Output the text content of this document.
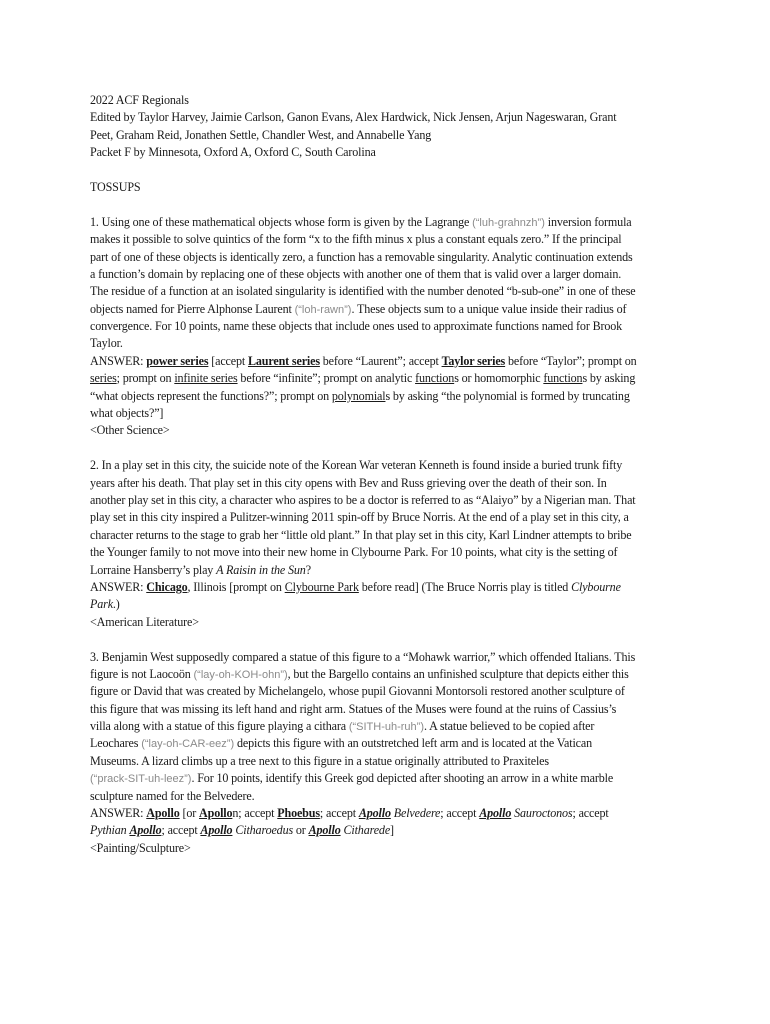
2022 ACF Regionals
Edited by Taylor Harvey, Jaimie Carlson, Ganon Evans, Alex Hardwick, Nick Jensen, Arjun Nageswaran, Grant
Peet, Graham Reid, Jonathen Settle, Chandler West, and Annabelle Yang
Packet F by Minnesota, Oxford A, Oxford C, South Carolina
TOSSUPS
1. Using one of these mathematical objects whose form is given by the Lagrange (“luh-grahnzh”) inversion formula
makes it possible to solve quintics of the form “x to the fifth minus x plus a constant equals zero.” If the principal
part of one of these objects is identically zero, a function has a removable singularity. Analytic continuation extends
a function’s domain by replacing one of these objects with another one of them that is valid over a larger domain.
The residue of a function at an isolated singularity is identified with the number denoted “b-sub-one” in one of these
objects named for Pierre Alphonse Laurent (“loh-rawn”). These objects sum to a unique value inside their radius of
convergence. For 10 points, name these objects that include ones used to approximate functions named for Brook
Taylor.
ANSWER: power series [accept Laurent series before “Laurent”; accept Taylor series before “Taylor”; prompt on
series; prompt on infinite series before “infinite”; prompt on analytic functions or homomorphic functions by asking
“what objects represent the functions?”; prompt on polynomials by asking “the polynomial is formed by truncating
what objects?”]
<Other Science>
2. In a play set in this city, the suicide note of the Korean War veteran Kenneth is found inside a buried trunk fifty
years after his death. That play set in this city opens with Bev and Russ grieving over the death of their son. In
another play set in this city, a character who aspires to be a doctor is referred to as “Alaiyo” by a Nigerian man. That
play set in this city inspired a Pulitzer-winning 2011 spin-off by Bruce Norris. At the end of a play set in this city, a
character returns to the stage to grab her “little old plant.” In that play set in this city, Karl Lindner attempts to bribe
the Younger family to not move into their new home in Clybourne Park. For 10 points, what city is the setting of
Lorraine Hansberry’s play A Raisin in the Sun?
ANSWER: Chicago, Illinois [prompt on Clybourne Park before read] (The Bruce Norris play is titled Clybourne
Park.)
<American Literature>
3. Benjamin West supposedly compared a statue of this figure to a “Mohawk warrior,” which offended Italians. This
figure is not Laocoön (“lay-oh-KOH-ohn”), but the Bargello contains an unfinished sculpture that depicts either this
figure or David that was created by Michelangelo, whose pupil Giovanni Montorsoli restored another sculpture of
this figure that was missing its left hand and right arm. Statues of the Muses were found at the ruins of Cassius’s
villa along with a statue of this figure playing a cithara (“SITH-uh-ruh”). A statue believed to be copied after
Leochares (“lay-oh-CAR-eez”) depicts this figure with an outstretched left arm and is located at the Vatican
Museums. A lizard climbs up a tree next to this figure in a statue originally attributed to Praxiteles
(“prack-SIT-uh-leez”). For 10 points, identify this Greek god depicted after shooting an arrow in a white marble
sculpture named for the Belvedere.
ANSWER: Apollo [or Apollon; accept Phoebus; accept Apollo Belvedere; accept Apollo Sauroctonos; accept
Pythian Apollo; accept Apollo Citharoedus or Apollo Citharede]
<Painting/Sculpture>
